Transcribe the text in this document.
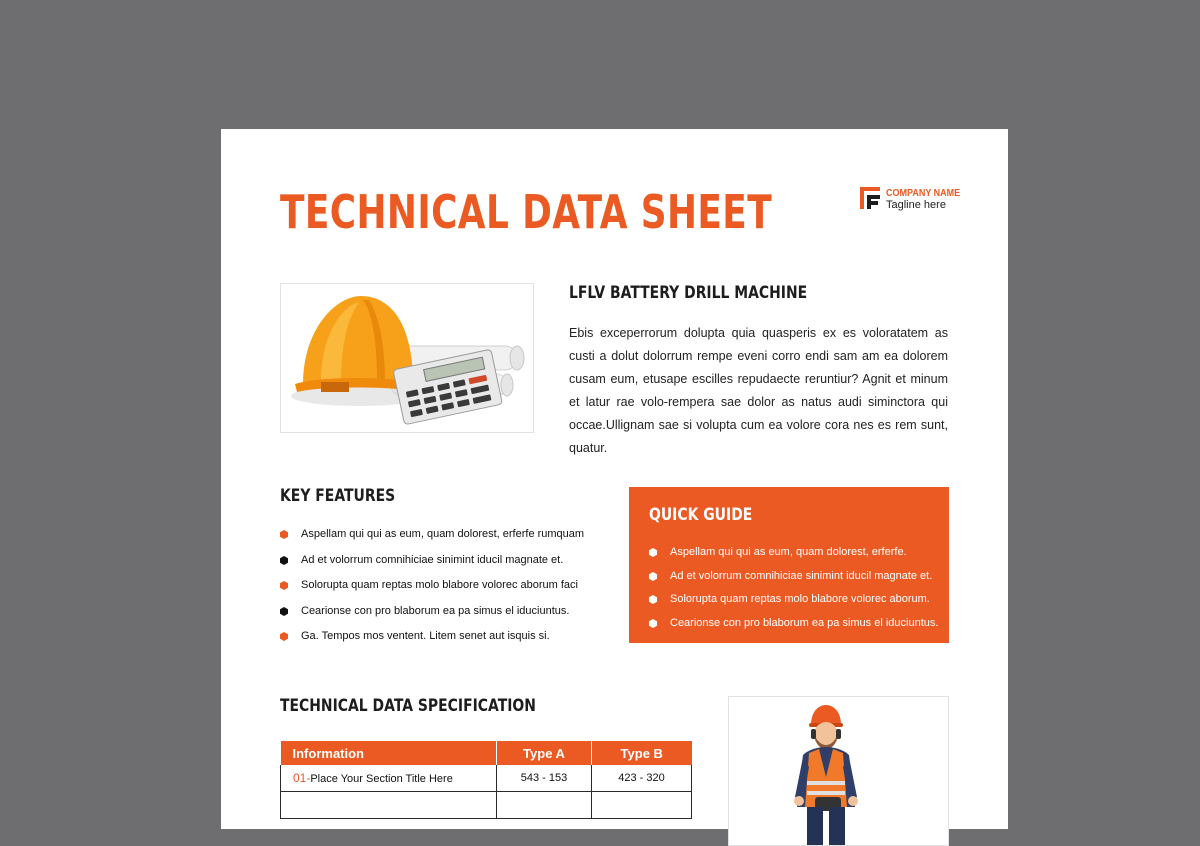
TECHNICAL DATA SHEET	COMPANY NAME
Tagline here
LFLV BATTERY DRILL MACHINE

Ebis exceperrorum dolupta quia quasperis ex es voloratatem as custi a dolut dolorrum rempe eveni corro endi sam am ea dolorem cusam eum, etusape escilles repudaecte reruntiur? Agnit et minum et latur rae volo-rempera sae dolor as natus audi siminctora qui occae.Ullignam sae si volupta cum ea volore cora nes es rem sunt, quatur.

KEY FEATURES
Aspellam qui qui as eum, quam dolorest, erferfe rumquam
Ad et volorrum comnihiciae sinimint iducil magnate et.
Solorupta quam reptas molo blabore volorec aborum faci
Cearionse con pro blaborum ea pa simus el iduciuntus.
Ga. Tempos mos ventent. Litem senet aut isquis si.
QUICK GUIDE
Aspellam qui qui as eum, quam dolorest, erferfe.
Ad et volorrum comnihiciae sinimint iducil magnate et.
Solorupta quam reptas molo blabore volorec aborum.
Cearionse con pro blaborum ea pa simus el iduciuntus.
TECHNICAL DATA SPECIFICATION
Information	Type A	Type B
01-Place Your Section Title Here	543 - 153	423 - 320
